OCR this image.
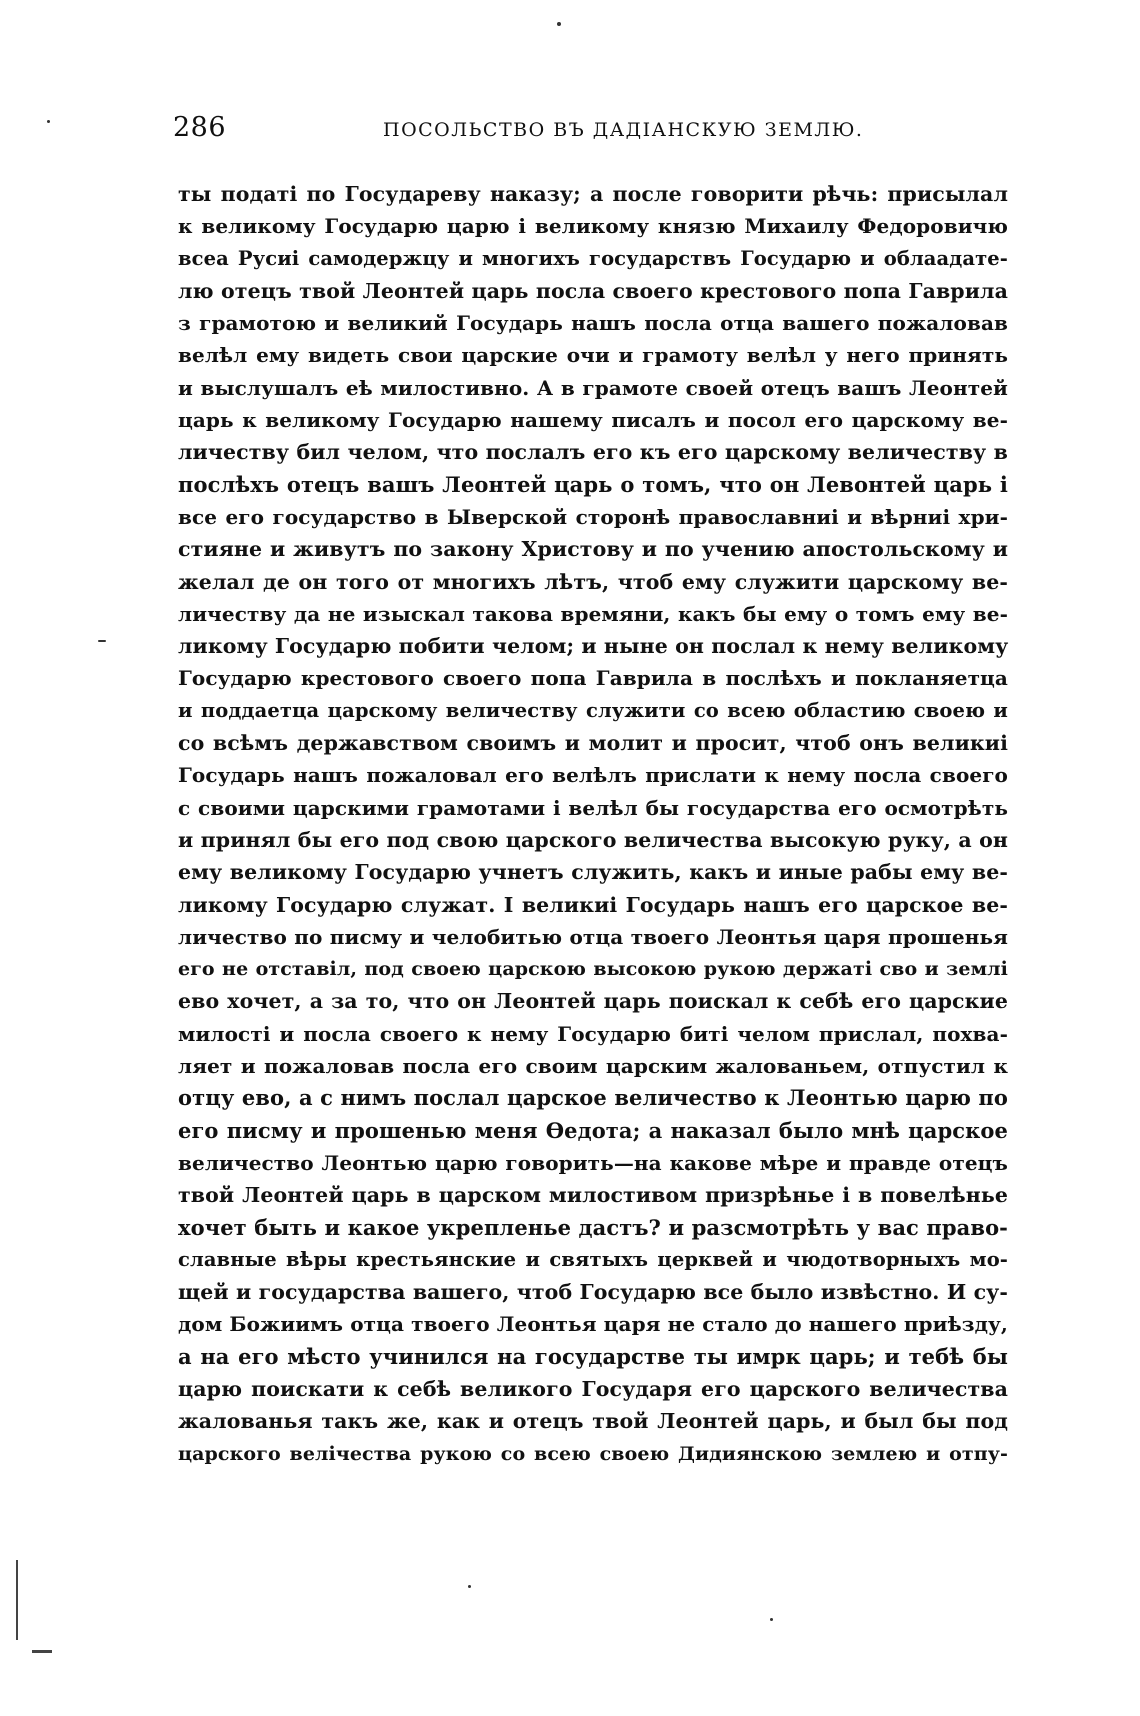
286	ПОСОЛЬСТВО ВЪ ДАДІАНСКУЮ ЗЕМЛЮ.
ты податі по Государеву наказу; а после говорити рѣчь: присылал
к великому Государю царю і великому князю Михаилу Федоровичю
всеа Русиі самодержцу и многихъ государствъ Государю и облаадате-
лю отецъ твой Леонтей царь посла своего крестового попа Гаврила
з грамотою и великий Государь нашъ посла отца вашего пожаловав
велѣл ему видеть свои царские очи и грамоту велѣл у него принять
и выслушалъ еѣ милостивно. А в грамоте своей отецъ вашъ Леонтей
царь к великому Государю нашему писалъ и посол его царскому ве-
личеству бил челом, что послалъ его къ его царскому величеству в
послѣхъ отецъ вашъ Леонтей царь о томъ, что он Левонтей царь і
все его государство в Ыверской сторонѣ православниі и вѣрниі хри-
стияне и живутъ по закону Христову и по учению апостольскому и
желал де он того от многихъ лѣтъ, чтоб ему служити царскому ве-
личеству да не изыскал такова времяни, какъ бы ему о томъ ему ве-
ликому Государю побити челом; и ныне он послал к нему великому
Государю крестового своего попа Гаврила в послѣхъ и покланяетца
и поддаетца царскому величеству служити со всею областию своею и
со всѣмъ державством своимъ и молит и просит, чтоб онъ великиі
Государь нашъ пожаловал его велѣлъ прислати к нему посла своего
с своими царскими грамотами і велѣл бы государства его осмотрѣть
и принял бы его под свою царского величества высокую руку, а он
ему великому Государю учнетъ служить, какъ и иные рабы ему ве-
ликому Государю служат. І великиі Государь нашъ его царское ве-
личество по писму и челобитью отца твоего Леонтья царя прошенья
его не отставіл, под своею царскою высокою рукою держаті сво и землі
ево хочет, а за то, что он Леонтей царь поискал к себѣ его царские
милості и посла своего к нему Государю биті челом прислал, похва-
ляет и пожаловав посла его своим царским жалованьем, отпустил к
отцу ево, а с нимъ послал царское величество к Леонтью царю по
его писму и прошенью меня Өедота; а наказал было мнѣ царское
величество Леонтью царю говорить—на какове мѣре и правде отецъ
твой Леонтей царь в царском милостивом призрѣнье і в повелѣнье
хочет быть и какое укрепленье дастъ? и разсмотрѣть у вас право-
славные вѣры крестьянские и святыхъ церквей и чюдотворныхъ мо-
щей и государства вашего, чтоб Государю все было извѣстно. И су-
дом Божиимъ отца твоего Леонтья царя не стало до нашего приѣзду,
а на его мѣсто учинился на государстве ты имрк царь; и тебѣ бы
царю поискати к себѣ великого Государя его царского величества
жалованья такъ же, как и отецъ твой Леонтей царь, и был бы под
царского велічества рукою со всею своею Дидиянскою землею и отпу-
